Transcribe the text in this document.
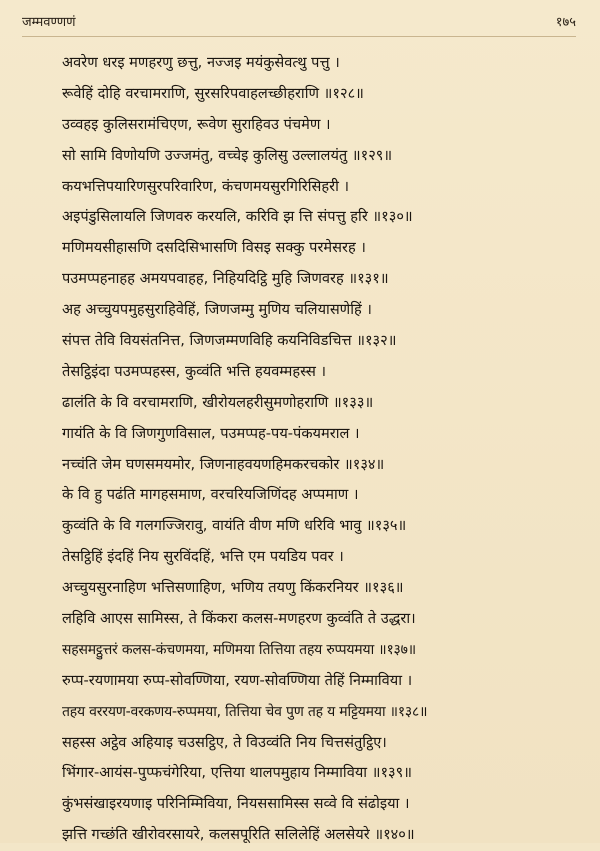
जम्मवण्णणं	१७५
अवरेण धरइ मणहरणु छत्तु, नज्जइ मयंकुसेवत्थु पत्तु ।
रूवेहिं दोहि वरचामराणि, सुरसरिपवाहलच्छीहराणि ॥१२८॥
उव्वहइ कुलिसरामंचिएण, रूवेण सुराहिवउ पंचमेण ।
सो सामि विणोयणि उज्जमंतु, वच्चेइ कुलिसु उल्लालयंतु ॥१२९॥
कयभत्तिपयारिणसुरपरिवारिण, कंचणमयसुरगिरिसिहरी ।
अइपंडुसिलायलि जिणवरु करयलि, करिवि झ त्ति संपत्तु हरि ॥१३०॥
मणिमयसीहासणि दसदिसिभासणि विसइ सक्कु परमेसरह ।
पउमप्पहनाहह अमयपवाहह, निहियदिट्ठि मुहि जिणवरह ॥१३१॥
अह अच्चुयपमुहसुराहिवेहिं, जिणजम्मु मुणिय चलियासणेहिं ।
संपत्त तेवि वियसंतनित्त, जिणजम्मणविहि कयनिविडचित्त ॥१३२॥
तेसट्ठिइंदा पउमप्पहस्स, कुव्वंति भत्ति हयवम्महस्स ।
ढालंति के वि वरचामराणि, खीरोयलहरीसुमणोहराणि ॥१३३॥
गायंति के वि जिणगुणविसाल, पउमप्पह-पय-पंकयमराल ।
नच्चंति जेम घणसमयमोर, जिणनाहवयणहिमकरचकोर ॥१३४॥
के वि हु पढंति मागहसमाण, वरचरियजिणिंदह अप्पमाण ।
कुव्वंति के वि गलगज्जिरावु, वायंति वीण मणि धरिवि भावु ॥१३५॥
तेसट्ठिहिं इंदहिं निय सुरविंदहिं, भत्ति एम पयडिय पवर ।
अच्चुयसुरनाहिण भत्तिसणाहिण, भणिय तयणु किंकरनियर ॥१३६॥
लहिवि आएस सामिस्स, ते किंकरा कलस-मणहरण कुव्वंति ते उद्धरा।
सहसमट्ठुत्तरं कलस-कंचणमया, मणिमया तित्तिया तहय रुप्पयमया ॥१३७॥
रुप्प-रयणामया रुप्प-सोवण्णिया, रयण-सोवण्णिया तेहिं निम्माविया ।
तहय वररयण-वरकणय-रुप्पमया, तित्तिया चेव पुण तह य मट्टियमया ॥१३८॥
सहस्स अट्ठेव अहियाइ चउसट्ठिए, ते विउव्वंति निय चित्तसंतुट्ठिए।
भिंगार-आयंस-पुप्फचंगेरिया, एत्तिया थालपमुहाय निम्माविया ॥१३९॥
कुंभसंखाइरयणाइ परिनिम्मिविया, नियससामिस्स सव्वे वि संढोइया ।
झत्ति गच्छंति खीरोवरसायरे, कलसपूरिति सलिलेहिं अलसेयरे ॥१४०॥
